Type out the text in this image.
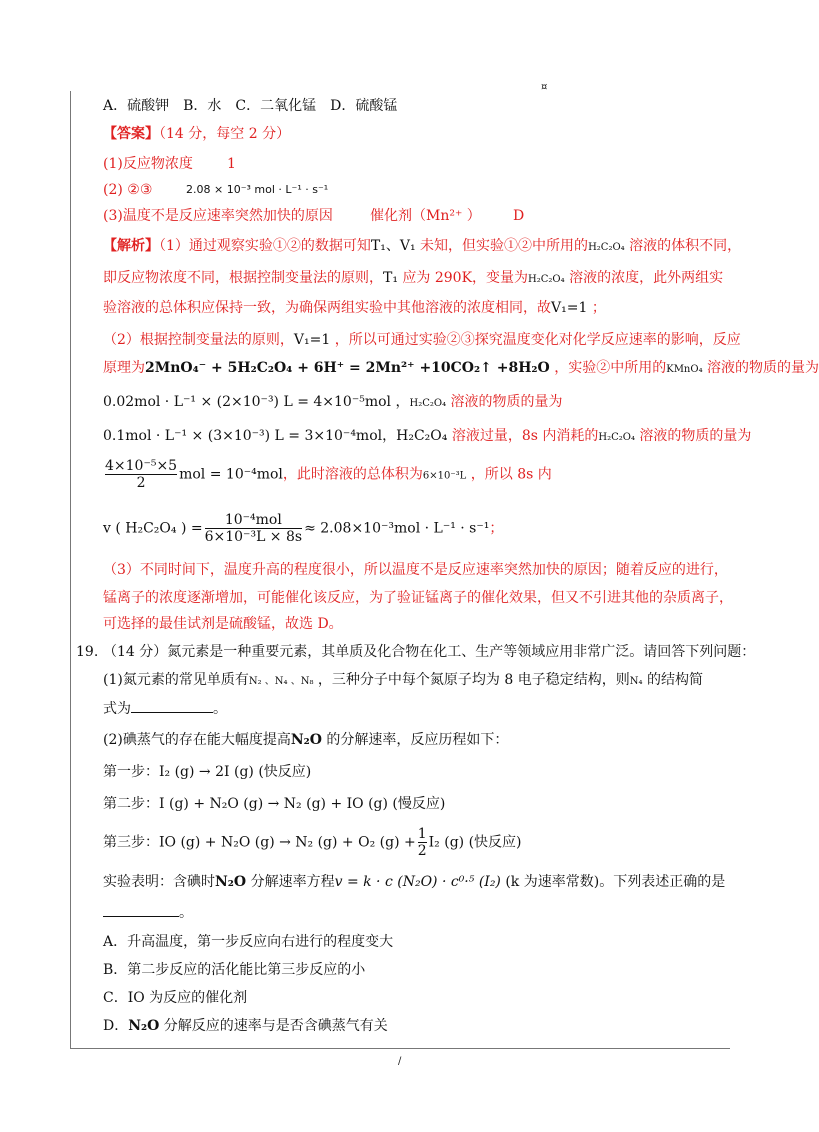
¤
A．硫酸钾　B．水　C．二氧化锰　D．硫酸锰
【答案】（14 分，每空 2 分）
(1)反应物浓度 1
(2) ②③	2.08 × 10⁻³ mol · L⁻¹ · s⁻¹
(3)温度不是反应速率突然加快的原因	催化剂（Mn²⁺ ） D
【解析】（1）通过观察实验①②的数据可知T₁、V₁ 未知，但实验①②中所用的H₂C₂O₄ 溶液的体积不同，
即反应物浓度不同，根据控制变量法的原则，T₁ 应为 290K，变量为H₂C₂O₄ 溶液的浓度，此外两组实
验溶液的总体积应保持一致，为确保两组实验中其他溶液的浓度相同，故V₁=1 ；
（2）根据控制变量法的原则，V₁=1 ，所以可通过实验②③探究温度变化对化学反应速率的影响，反应
原理为2MnO₄⁻ + 5H₂C₂O₄ + 6H⁺ = 2Mn²⁺ +10CO₂↑ +8H₂O ，实验②中所用的KMnO₄ 溶液的物质的量为
0.02mol · L⁻¹ × (2×10⁻³) L = 4×10⁻⁵mol ，H₂C₂O₄ 溶液的物质的量为
0.1mol · L⁻¹ × (3×10⁻³) L = 3×10⁻⁴mol，H₂C₂O₄ 溶液过量，8s 内消耗的H₂C₂O₄ 溶液的物质的量为
$\frac{\text{4×10⁻⁵×5}}{2}$ mol = 10⁻⁴mol，此时溶液的总体积为6×10⁻³L ，所以 8s 内
v ( H₂C₂O₄ ) = $\frac{\text{10⁻⁴mol}}{\text{6×10⁻³L × 8s}} \approx 2.08\times 10^{-3}mol \cdot L^{-1} \cdot s^{-1}$；
（3）不同时间下，温度升高的程度很小，所以温度不是反应速率突然加快的原因；随着反应的进行，
锰离子的浓度逐渐增加，可能催化该反应，为了验证锰离子的催化效果，但又不引进其他的杂质离子，
可选择的最佳试剂是硫酸锰，故选 D。
19. （14 分）氮元素是一种重要元素，其单质及化合物在化工、生产等领域应用非常广泛。请回答下列问题：
(1)氮元素的常见单质有N₂ 、N₄ 、N₈ ，三种分子中每个氮原子均为 8 电子稳定结构，则N₄ 的结构简
式为	。
(2)碘蒸气的存在能大幅度提高N₂O 的分解速率，反应历程如下：
第一步：I₂ (g) → 2I (g) (快反应)
第二步：I (g) + N₂O (g) → N₂ (g) + IO (g) (慢反应)
第三步：IO (g) + N₂O (g) → N₂ (g) + O₂ $(g) + \frac{1}{2} I_2$ (g) (快反应)
实验表明：含碘时N₂O 分解速率方程v = k · c (N₂O) · c⁰·⁵ (I₂) (k 为速率常数)。下列表述正确的是
。
A．升高温度，第一步反应向右进行的程度变大
B．第二步反应的活化能比第三步反应的小
C．IO 为反应的催化剂
D．N₂O 分解反应的速率与是否含碘蒸气有关
/
